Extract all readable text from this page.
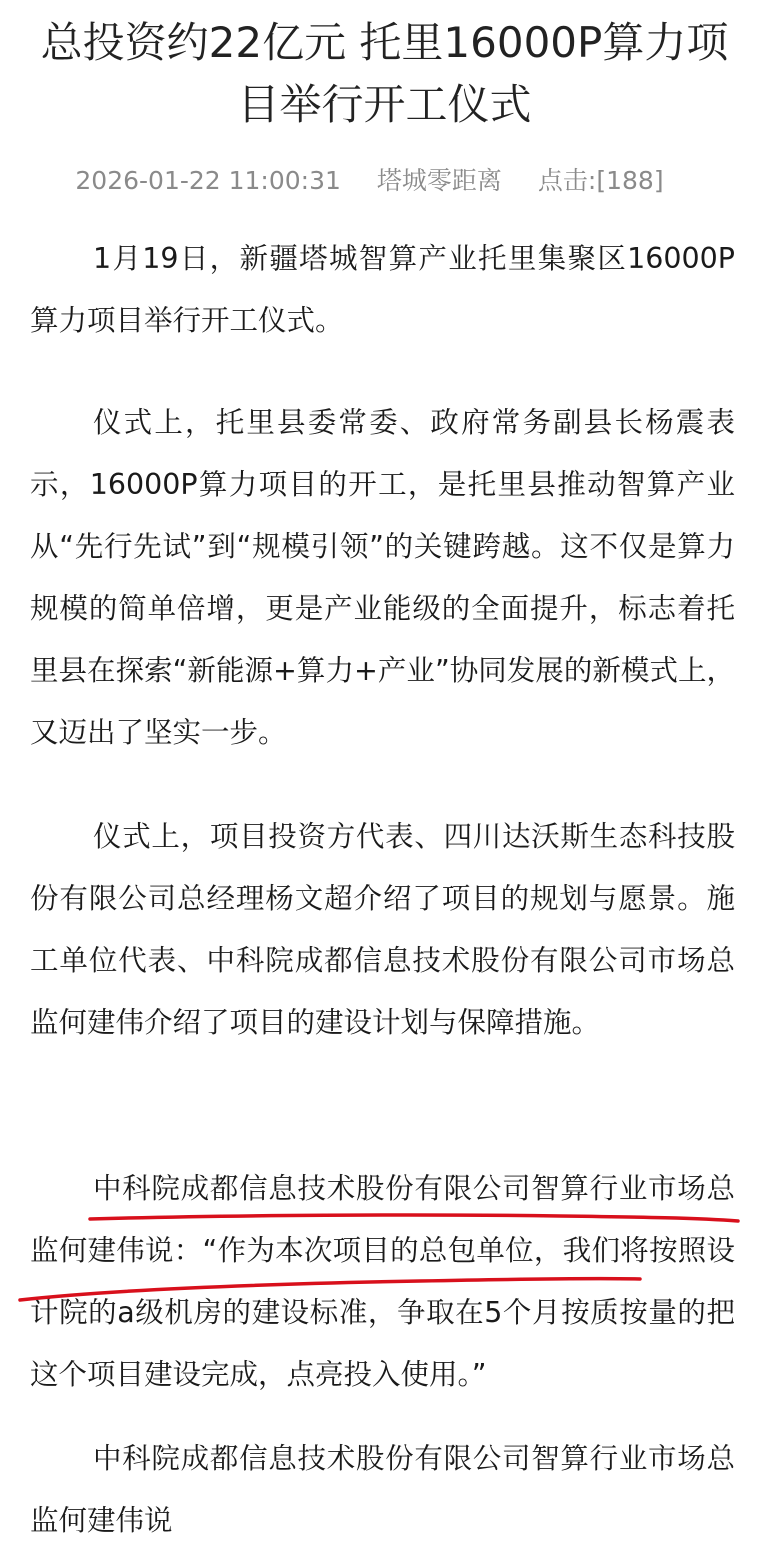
总投资约22亿元 托里16000P算力项目举行开工仪式
2026-01-22 11:00:31 塔城零距离 点击:[188]

1月19日，新疆塔城智算产业托里集聚区16000P算力项目举行开工仪式。

仪式上，托里县委常委、政府常务副县长杨震表示，16000P算力项目的开工，是托里县推动智算产业从“先行先试”到“规模引领”的关键跨越。这不仅是算力规模的简单倍增，更是产业能级的全面提升，标志着托里县在探索“新能源+算力+产业”协同发展的新模式上，又迈出了坚实一步。

仪式上，项目投资方代表、四川达沃斯生态科技股份有限公司总经理杨文超介绍了项目的规划与愿景。施工单位代表、中科院成都信息技术股份有限公司市场总监何建伟介绍了项目的建设计划与保障措施。

中科院成都信息技术股份有限公司智算行业市场总监何建伟说：“作为本次项目的总包单位，我们将按照设计院的a级机房的建设标准，争取在5个月按质按量的把这个项目建设完成，点亮投入使用。”

中科院成都信息技术股份有限公司智算行业市场总监何建伟说
